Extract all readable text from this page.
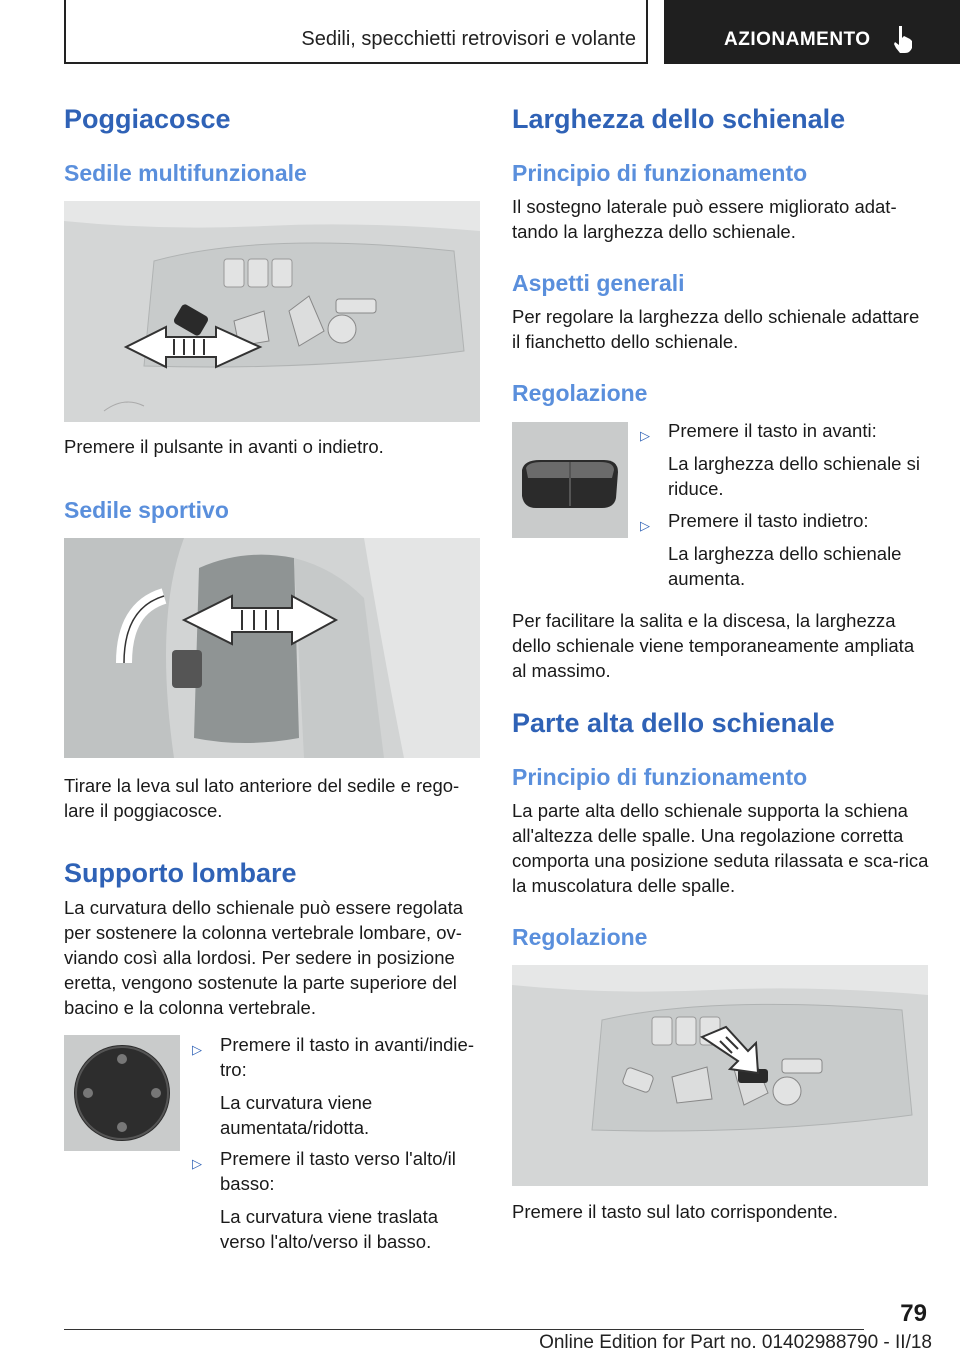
Sedili, specchietti retrovisori e volante	AZIONAMENTO
Poggiacosce
Sedile multifunzionale
Premere il pulsante in avanti o indietro.
Sedile sportivo
Tirare la leva sul lato anteriore del sedile e rego-lare il poggiacosce.
Supporto lombare
La curvatura dello schienale può essere regolata per sostenere la colonna vertebrale lombare, ov-viando così alla lordosi. Per sedere in posizione eretta, vengono sostenute la parte superiore del bacino e la colonna vertebrale.
▷ Premere il tasto in avanti/indie-tro:
La curvatura viene aumentata/ridotta.
▷ Premere il tasto verso l'alto/il basso:
La curvatura viene traslata verso l'alto/verso il basso.
Larghezza dello schienale
Principio di funzionamento
Il sostegno laterale può essere migliorato adat-tando la larghezza dello schienale.
Aspetti generali
Per regolare la larghezza dello schienale adattare il fianchetto dello schienale.
Regolazione
▷ Premere il tasto in avanti:
La larghezza dello schienale si riduce.
▷ Premere il tasto indietro:
La larghezza dello schienale aumenta.
Per facilitare la salita e la discesa, la larghezza dello schienale viene temporaneamente ampliata al massimo.
Parte alta dello schienale
Principio di funzionamento
La parte alta dello schienale supporta la schiena all'altezza delle spalle. Una regolazione corretta comporta una posizione seduta rilassata e sca-rica la muscolatura delle spalle.
Regolazione
Premere il tasto sul lato corrispondente.
79
Online Edition for Part no. 01402988790 - II/18
